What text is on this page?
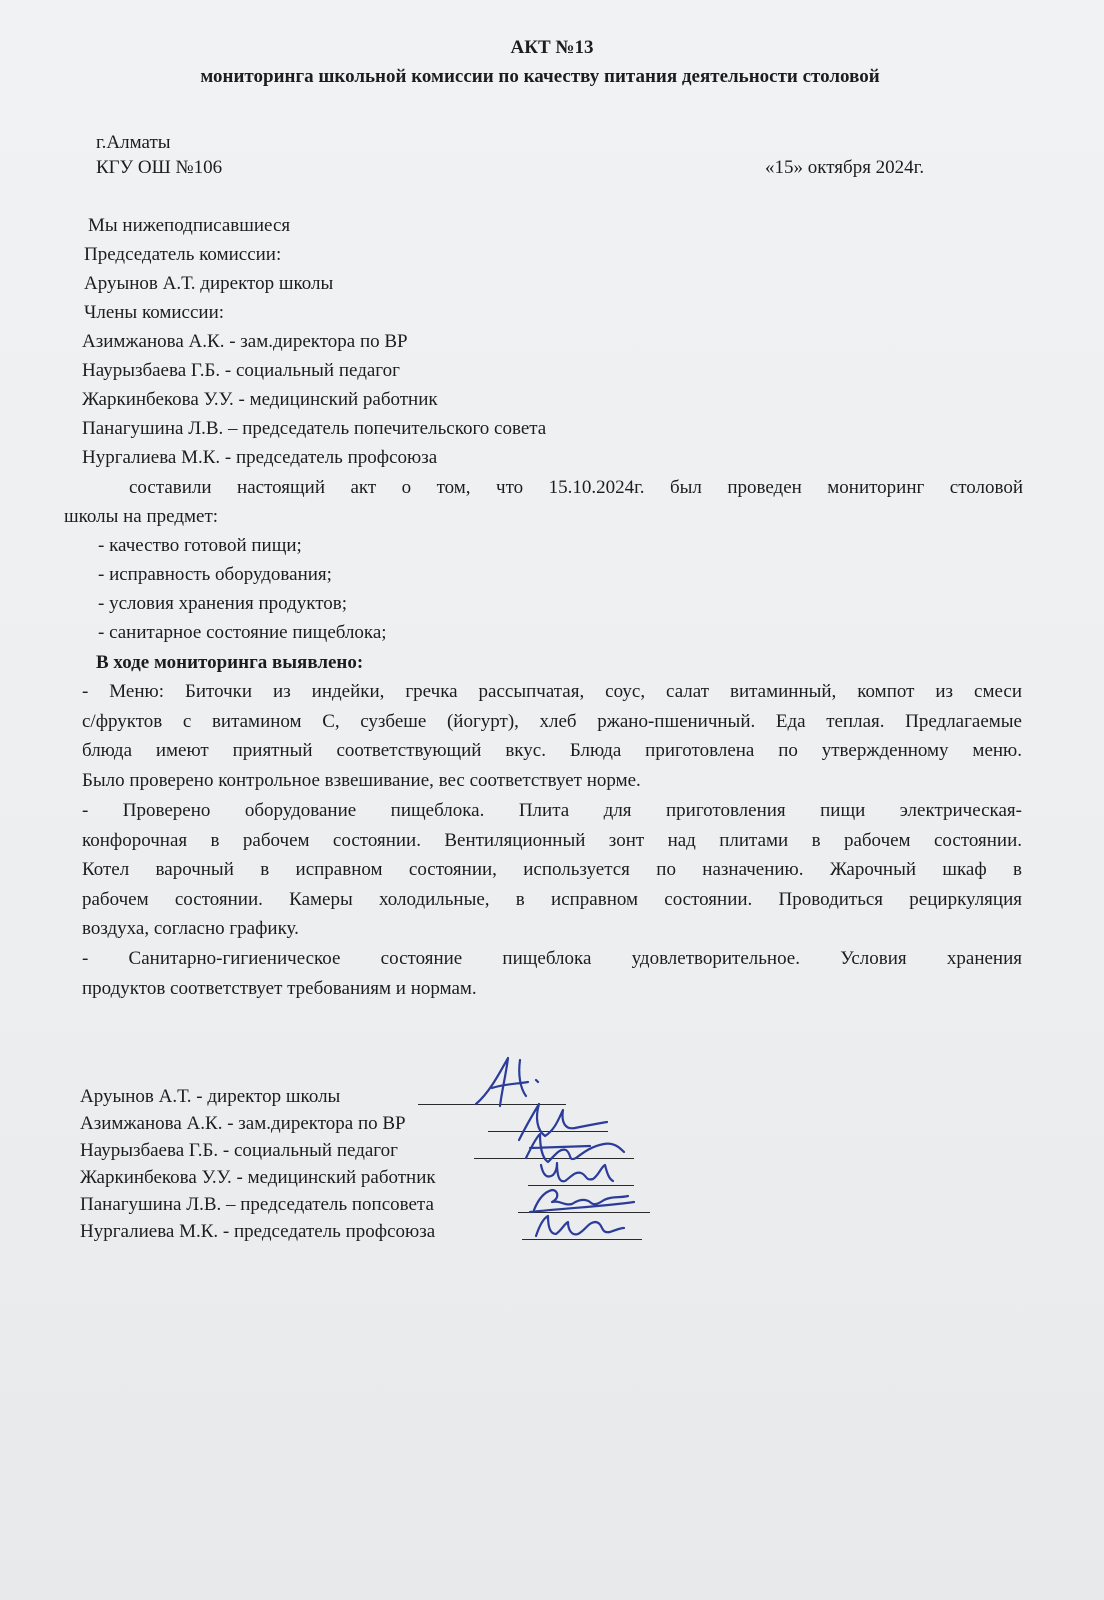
АКТ №13
мониторинга школьной комиссии по качеству питания деятельности столовой
г.Алматы
КГУ ОШ №106	«15» октября 2024г.
Мы нижеподписавшиеся
Председатель комиссии:
Аруынов А.Т. директор школы
Члены комиссии:
Азимжанова А.К. - зам.директора по ВР
Наурызбаева Г.Б. - социальный педагог
Жаркинбекова У.У. - медицинский работник
Панагушина Л.В. – председатель попечительского совета
Нургалиева М.К. - председатель профсоюза
составили настоящий акт о том, что 15.10.2024г. был проведен мониторинг столовой
школы на предмет:
- качество готовой пищи;
- исправность оборудования;
- условия хранения продуктов;
- санитарное состояние пищеблока;
В ходе мониторинга выявлено:
- Меню: Биточки из индейки, гречка рассыпчатая, соус, салат витаминный, компот из смеси
с/фруктов с витамином С, сузбеше (йогурт), хлеб ржано-пшеничный. Еда теплая. Предлагаемые
блюда имеют приятный соответствующий вкус. Блюда приготовлена по утвержденному меню.
Было проверено контрольное взвешивание, вес соответствует норме.
- Проверено оборудование пищеблока. Плита для приготовления пищи электрическая-
конфорочная в рабочем состоянии. Вентиляционный зонт над плитами в рабочем состоянии.
Котел варочный в исправном состоянии, используется по назначению. Жарочный шкаф в
рабочем состоянии. Камеры холодильные, в исправном состоянии. Проводиться рециркуляция
воздуха, согласно графику.
- Санитарно-гигиеническое состояние пищеблока удовлетворительное. Условия хранения
продуктов соответствует требованиям и нормам.
Аруынов А.Т. - директор школы
Азимжанова А.К. - зам.директора по ВР
Наурызбаева Г.Б. - социальный педагог
Жаркинбекова У.У. - медицинский работник
Панагушина Л.В. – председатель попсовета
Нургалиева М.К. - председатель профсоюза
